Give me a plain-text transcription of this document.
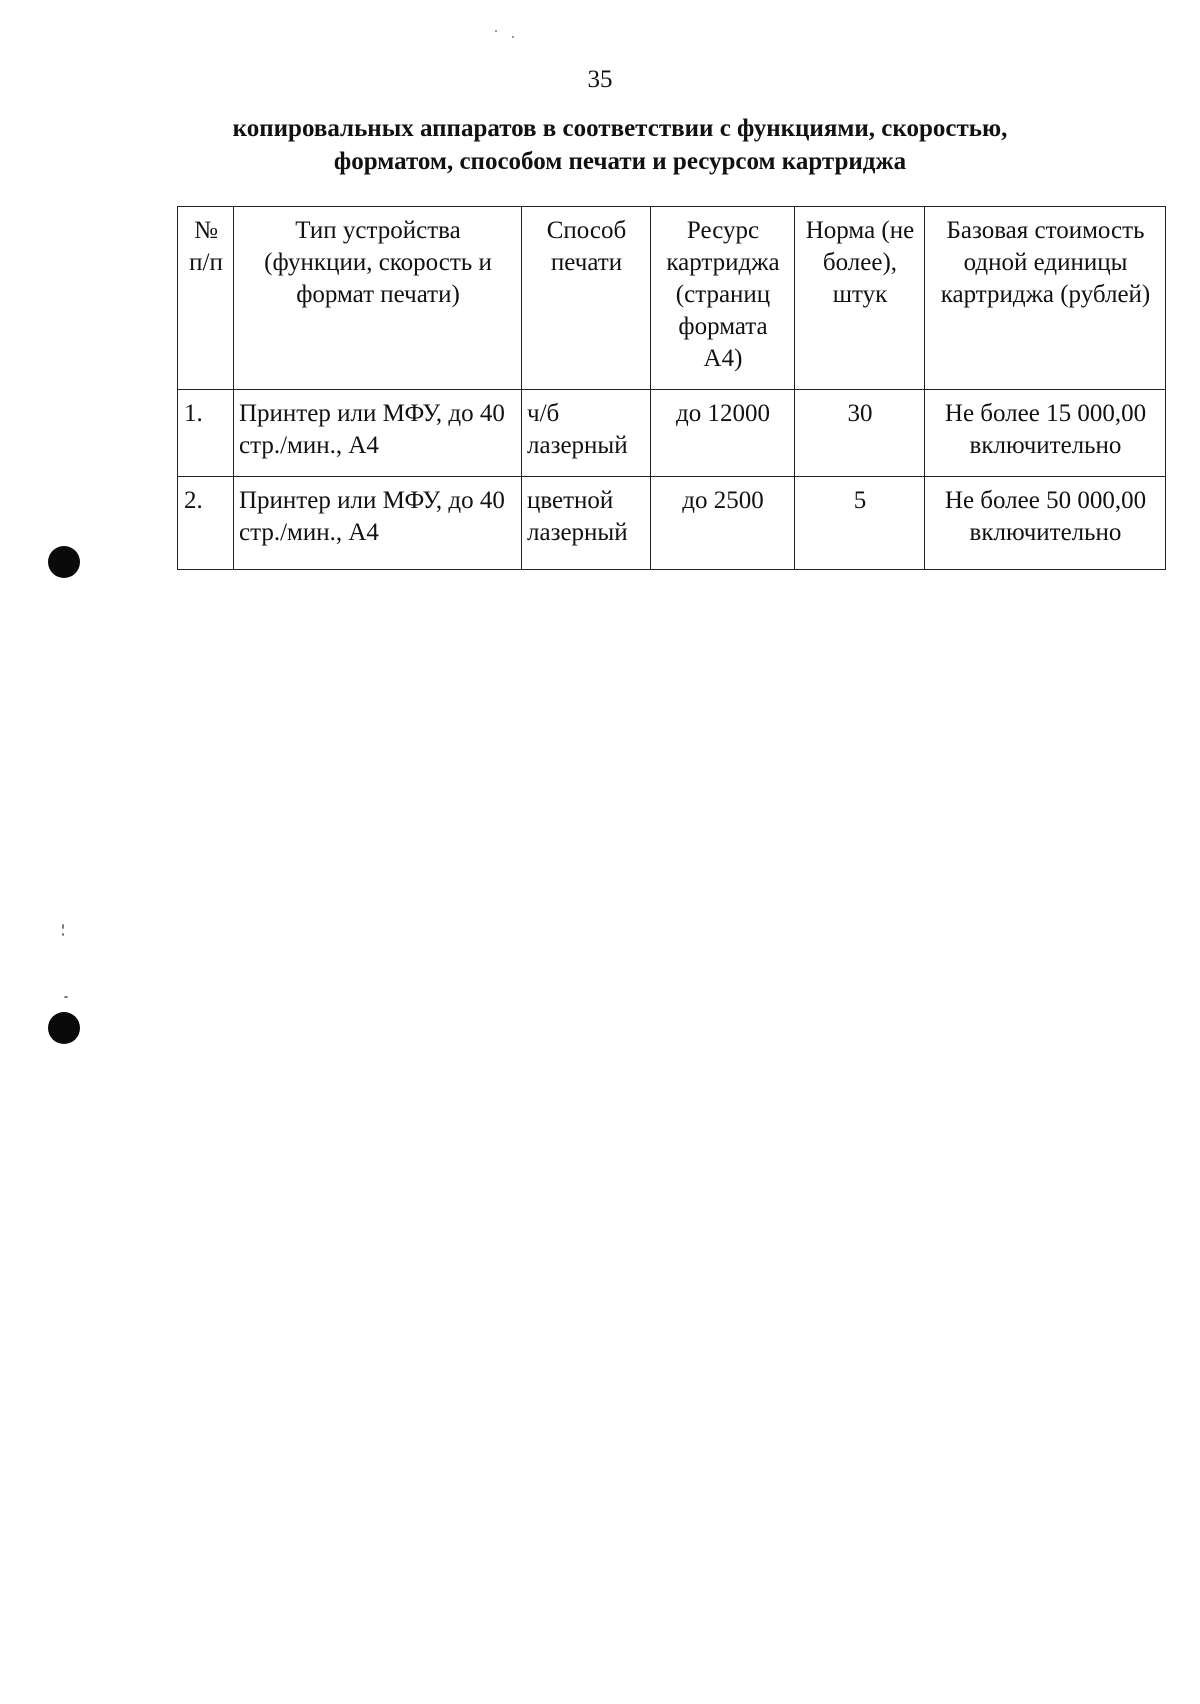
35
копировальных аппаратов в соответствии с функциями, скоростью,
форматом, способом печати и ресурсом картриджа
№ п/п	Тип устройства (функции, скорость и формат печати)	Способ печати	Ресурс картриджа (страниц формата А4)	Норма (не более), штук	Базовая стоимость одной единицы картриджа (рублей)
1.	Принтер или МФУ, до 40 стр./мин., А4	ч/б лазерный	до 12000	30	Не более 15 000,00 включительно
2.	Принтер или МФУ, до 40 стр./мин., А4	цветной лазерный	до 2500	5	Не более 50 000,00 включительно
